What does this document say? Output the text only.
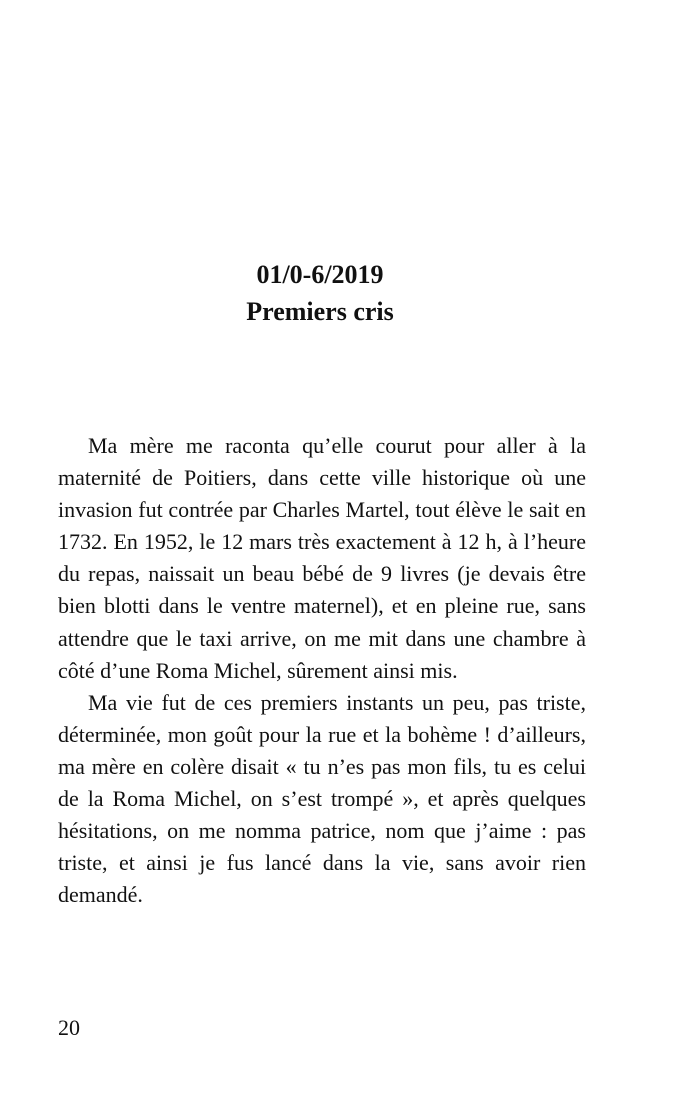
01/0-6/2019
Premiers cris

Ma mère me raconta qu’elle courut pour aller à la maternité de Poitiers, dans cette ville historique où une invasion fut contrée par Charles Martel, tout élève le sait en 1732. En 1952, le 12 mars très exactement à 12 h, à l’heure du repas, naissait un beau bébé de 9 livres (je devais être bien blotti dans le ventre maternel), et en pleine rue, sans attendre que le taxi arrive, on me mit dans une chambre à côté d’une Roma Michel, sûrement ainsi mis.

Ma vie fut de ces premiers instants un peu, pas triste, déterminée, mon goût pour la rue et la bohème ! d’ailleurs, ma mère en colère disait « tu n’es pas mon fils, tu es celui de la Roma Michel, on s’est trompé », et après quelques hésitations, on me nomma patrice, nom que j’aime : pas triste, et ainsi je fus lancé dans la vie, sans avoir rien demandé.

20
